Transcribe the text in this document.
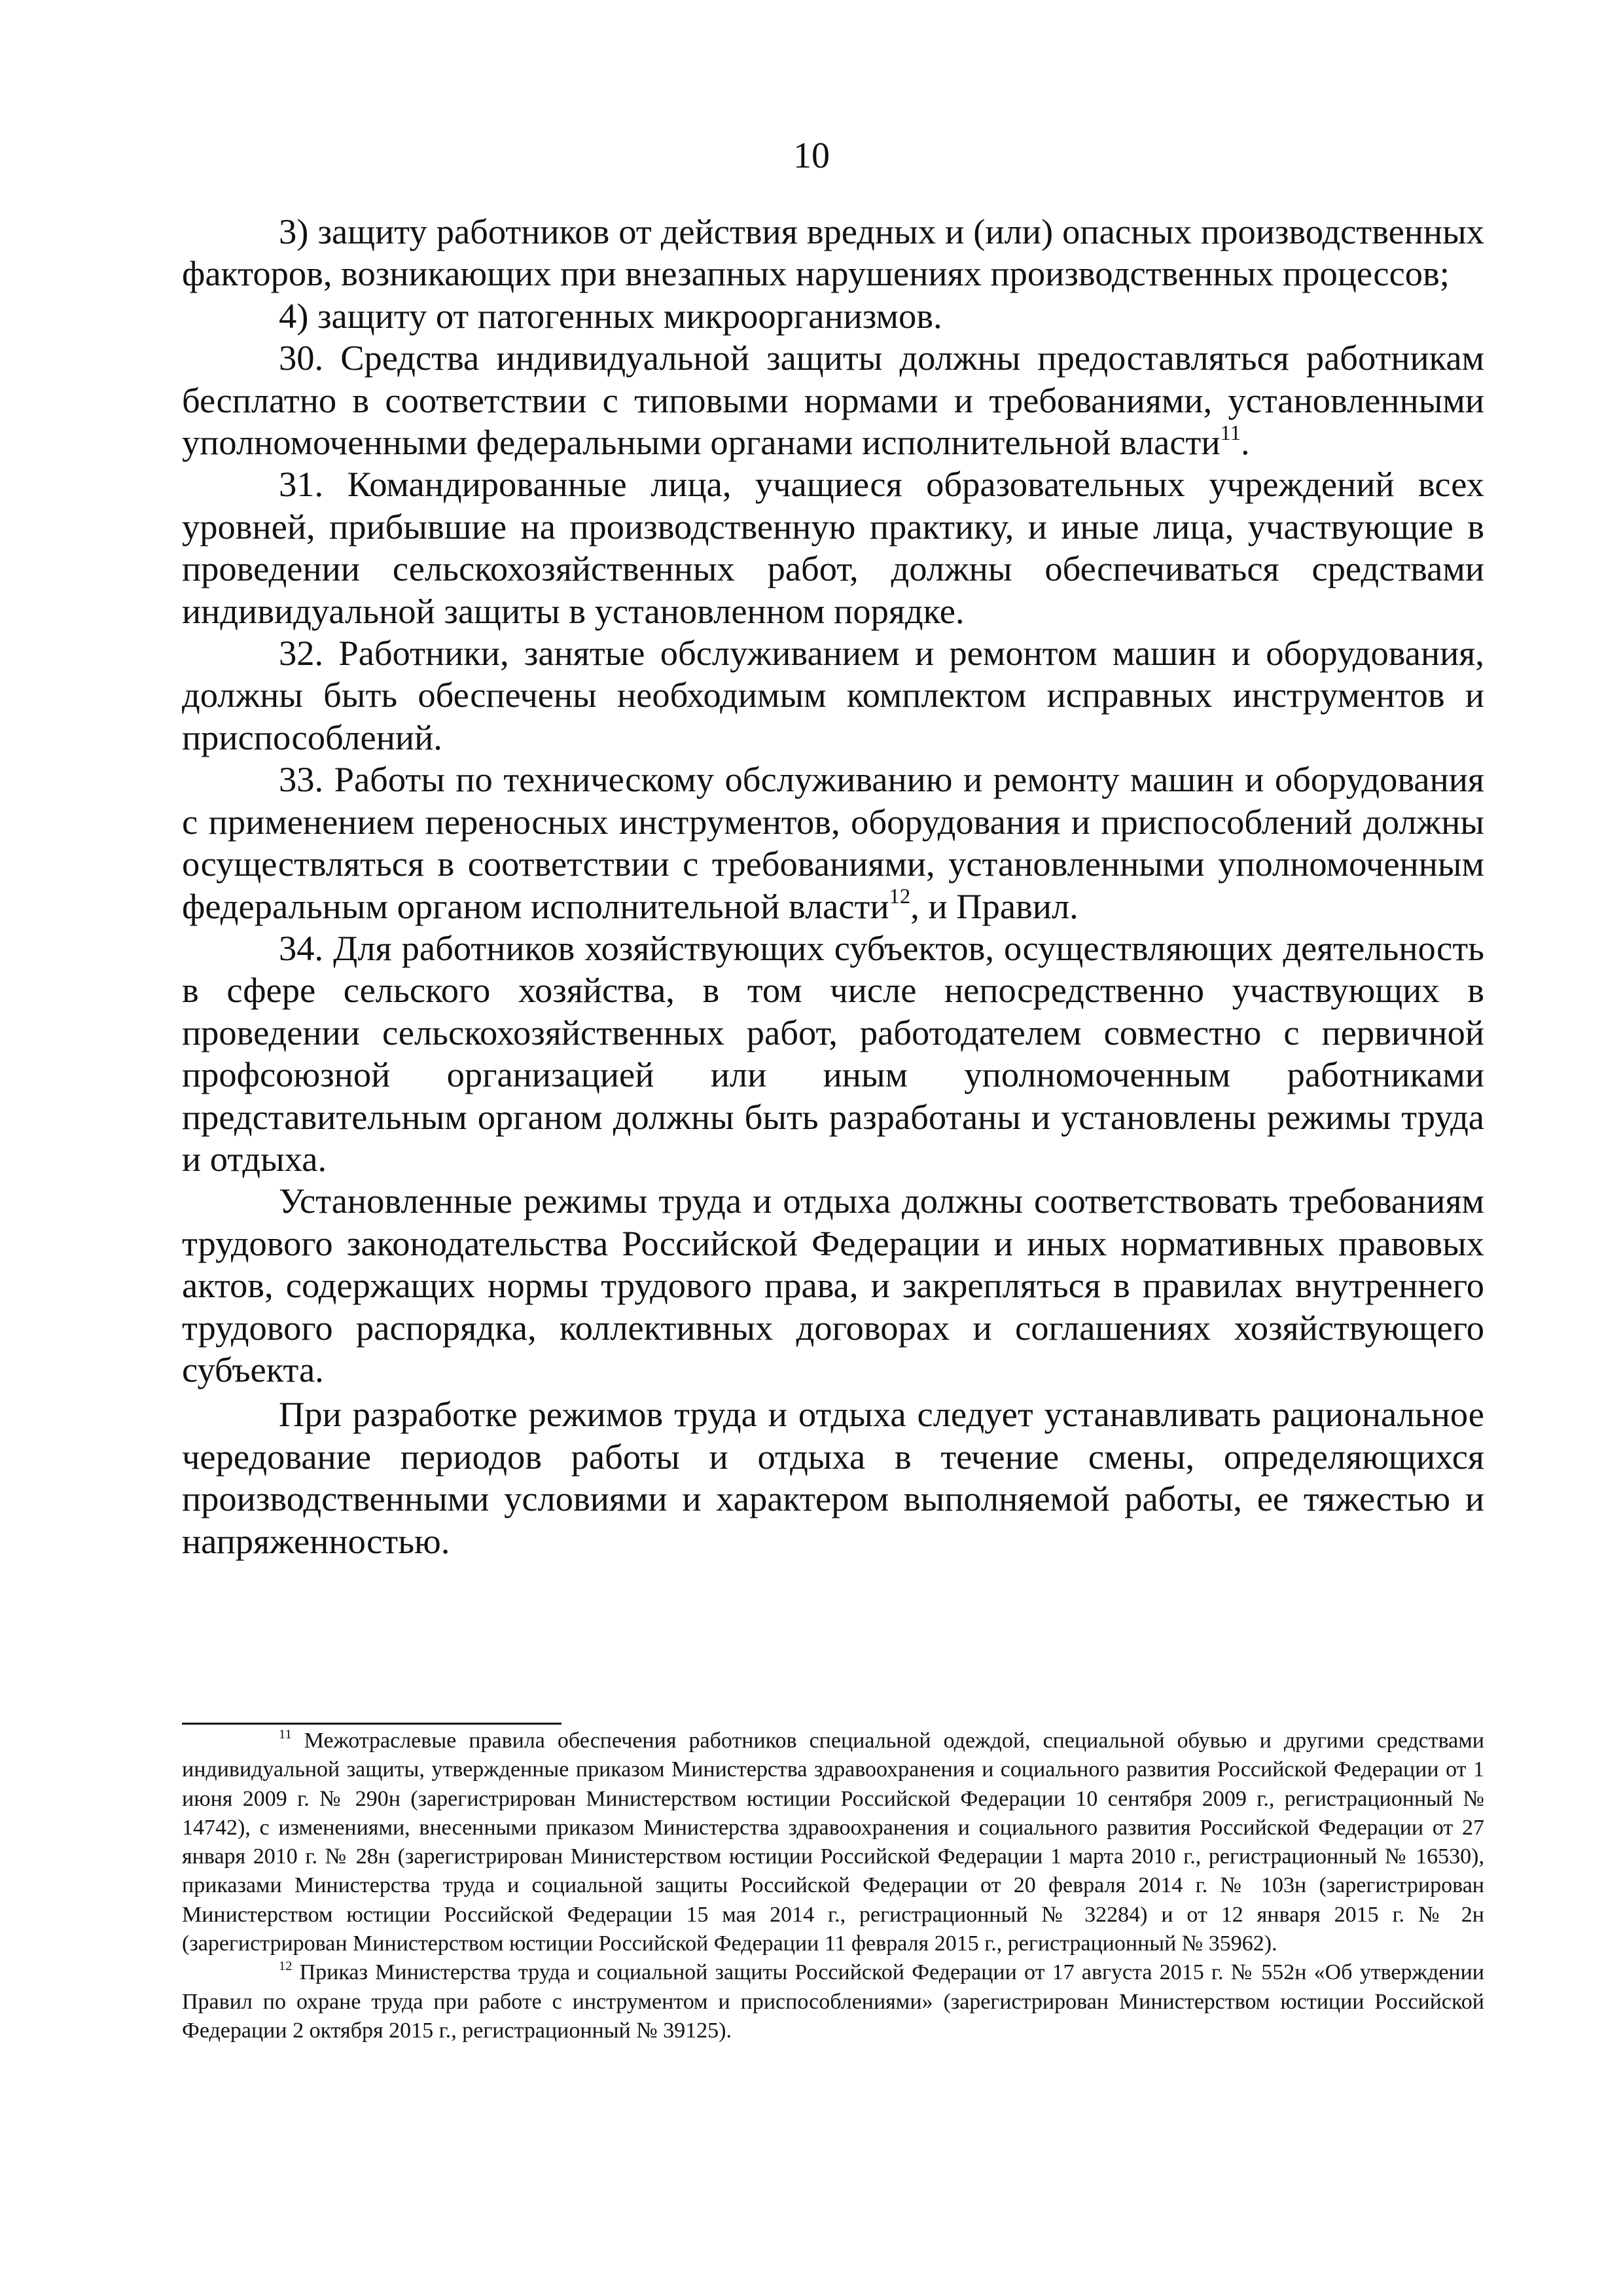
10

3) защиту работников от действия вредных и (или) опасных производственных факторов, возникающих при внезапных нарушениях производственных процессов;

4) защиту от патогенных микроорганизмов.

30. Средства индивидуальной защиты должны предоставляться работникам бесплатно в соответствии с типовыми нормами и требованиями, установленными уполномоченными федеральными органами исполнительной власти$^{11}$.

31. Командированные лица, учащиеся образовательных учреждений всех уровней, прибывшие на производственную практику, и иные лица, участвующие в проведении сельскохозяйственных работ, должны обеспечиваться средствами индивидуальной защиты в установленном порядке.

32. Работники, занятые обслуживанием и ремонтом машин и оборудования, должны быть обеспечены необходимым комплектом исправных инструментов и приспособлений.

33. Работы по техническому обслуживанию и ремонту машин и оборудования с применением переносных инструментов, оборудования и приспособлений должны осуществляться в соответствии с требованиями, установленными уполномоченным федеральным органом исполнительной власти$^{12}$, и Правил.

34. Для работников хозяйствующих субъектов, осуществляющих деятельность в сфере сельского хозяйства, в том числе непосредственно участвующих в проведении сельскохозяйственных работ, работодателем совместно с первичной профсоюзной организацией или иным уполномоченным работниками представительным органом должны быть разработаны и установлены режимы труда и отдыха.

Установленные режимы труда и отдыха должны соответствовать требованиям трудового законодательства Российской Федерации и иных нормативных правовых актов, содержащих нормы трудового права, и закрепляться в правилах внутреннего трудового распорядка, коллективных договорах и соглашениях хозяйствующего субъекта.

При разработке режимов труда и отдыха следует устанавливать рациональное чередование периодов работы и отдыха в течение смены, определяющихся производственными условиями и характером выполняемой работы, ее тяжестью и напряженностью.

$^{11}$ Межотраслевые правила обеспечения работников специальной одеждой, специальной обувью и другими средствами индивидуальной защиты, утвержденные приказом Министерства здравоохранения и социального развития Российской Федерации от 1 июня 2009 г. № 290н (зарегистрирован Министерством юстиции Российской Федерации 10 сентября 2009 г., регистрационный № 14742), с изменениями, внесенными приказом Министерства здравоохранения и социального развития Российской Федерации от 27 января 2010 г. № 28н (зарегистрирован Министерством юстиции Российской Федерации 1 марта 2010 г., регистрационный № 16530), приказами Министерства труда и социальной защиты Российской Федерации от 20 февраля 2014 г. № 103н (зарегистрирован Министерством юстиции Российской Федерации 15 мая 2014 г., регистрационный № 32284) и от 12 января 2015 г. № 2н (зарегистрирован Министерством юстиции Российской Федерации 11 февраля 2015 г., регистрационный № 35962).

$^{12}$ Приказ Министерства труда и социальной защиты Российской Федерации от 17 августа 2015 г. № 552н «Об утверждении Правил по охране труда при работе с инструментом и приспособлениями» (зарегистрирован Министерством юстиции Российской Федерации 2 октября 2015 г., регистрационный № 39125).
